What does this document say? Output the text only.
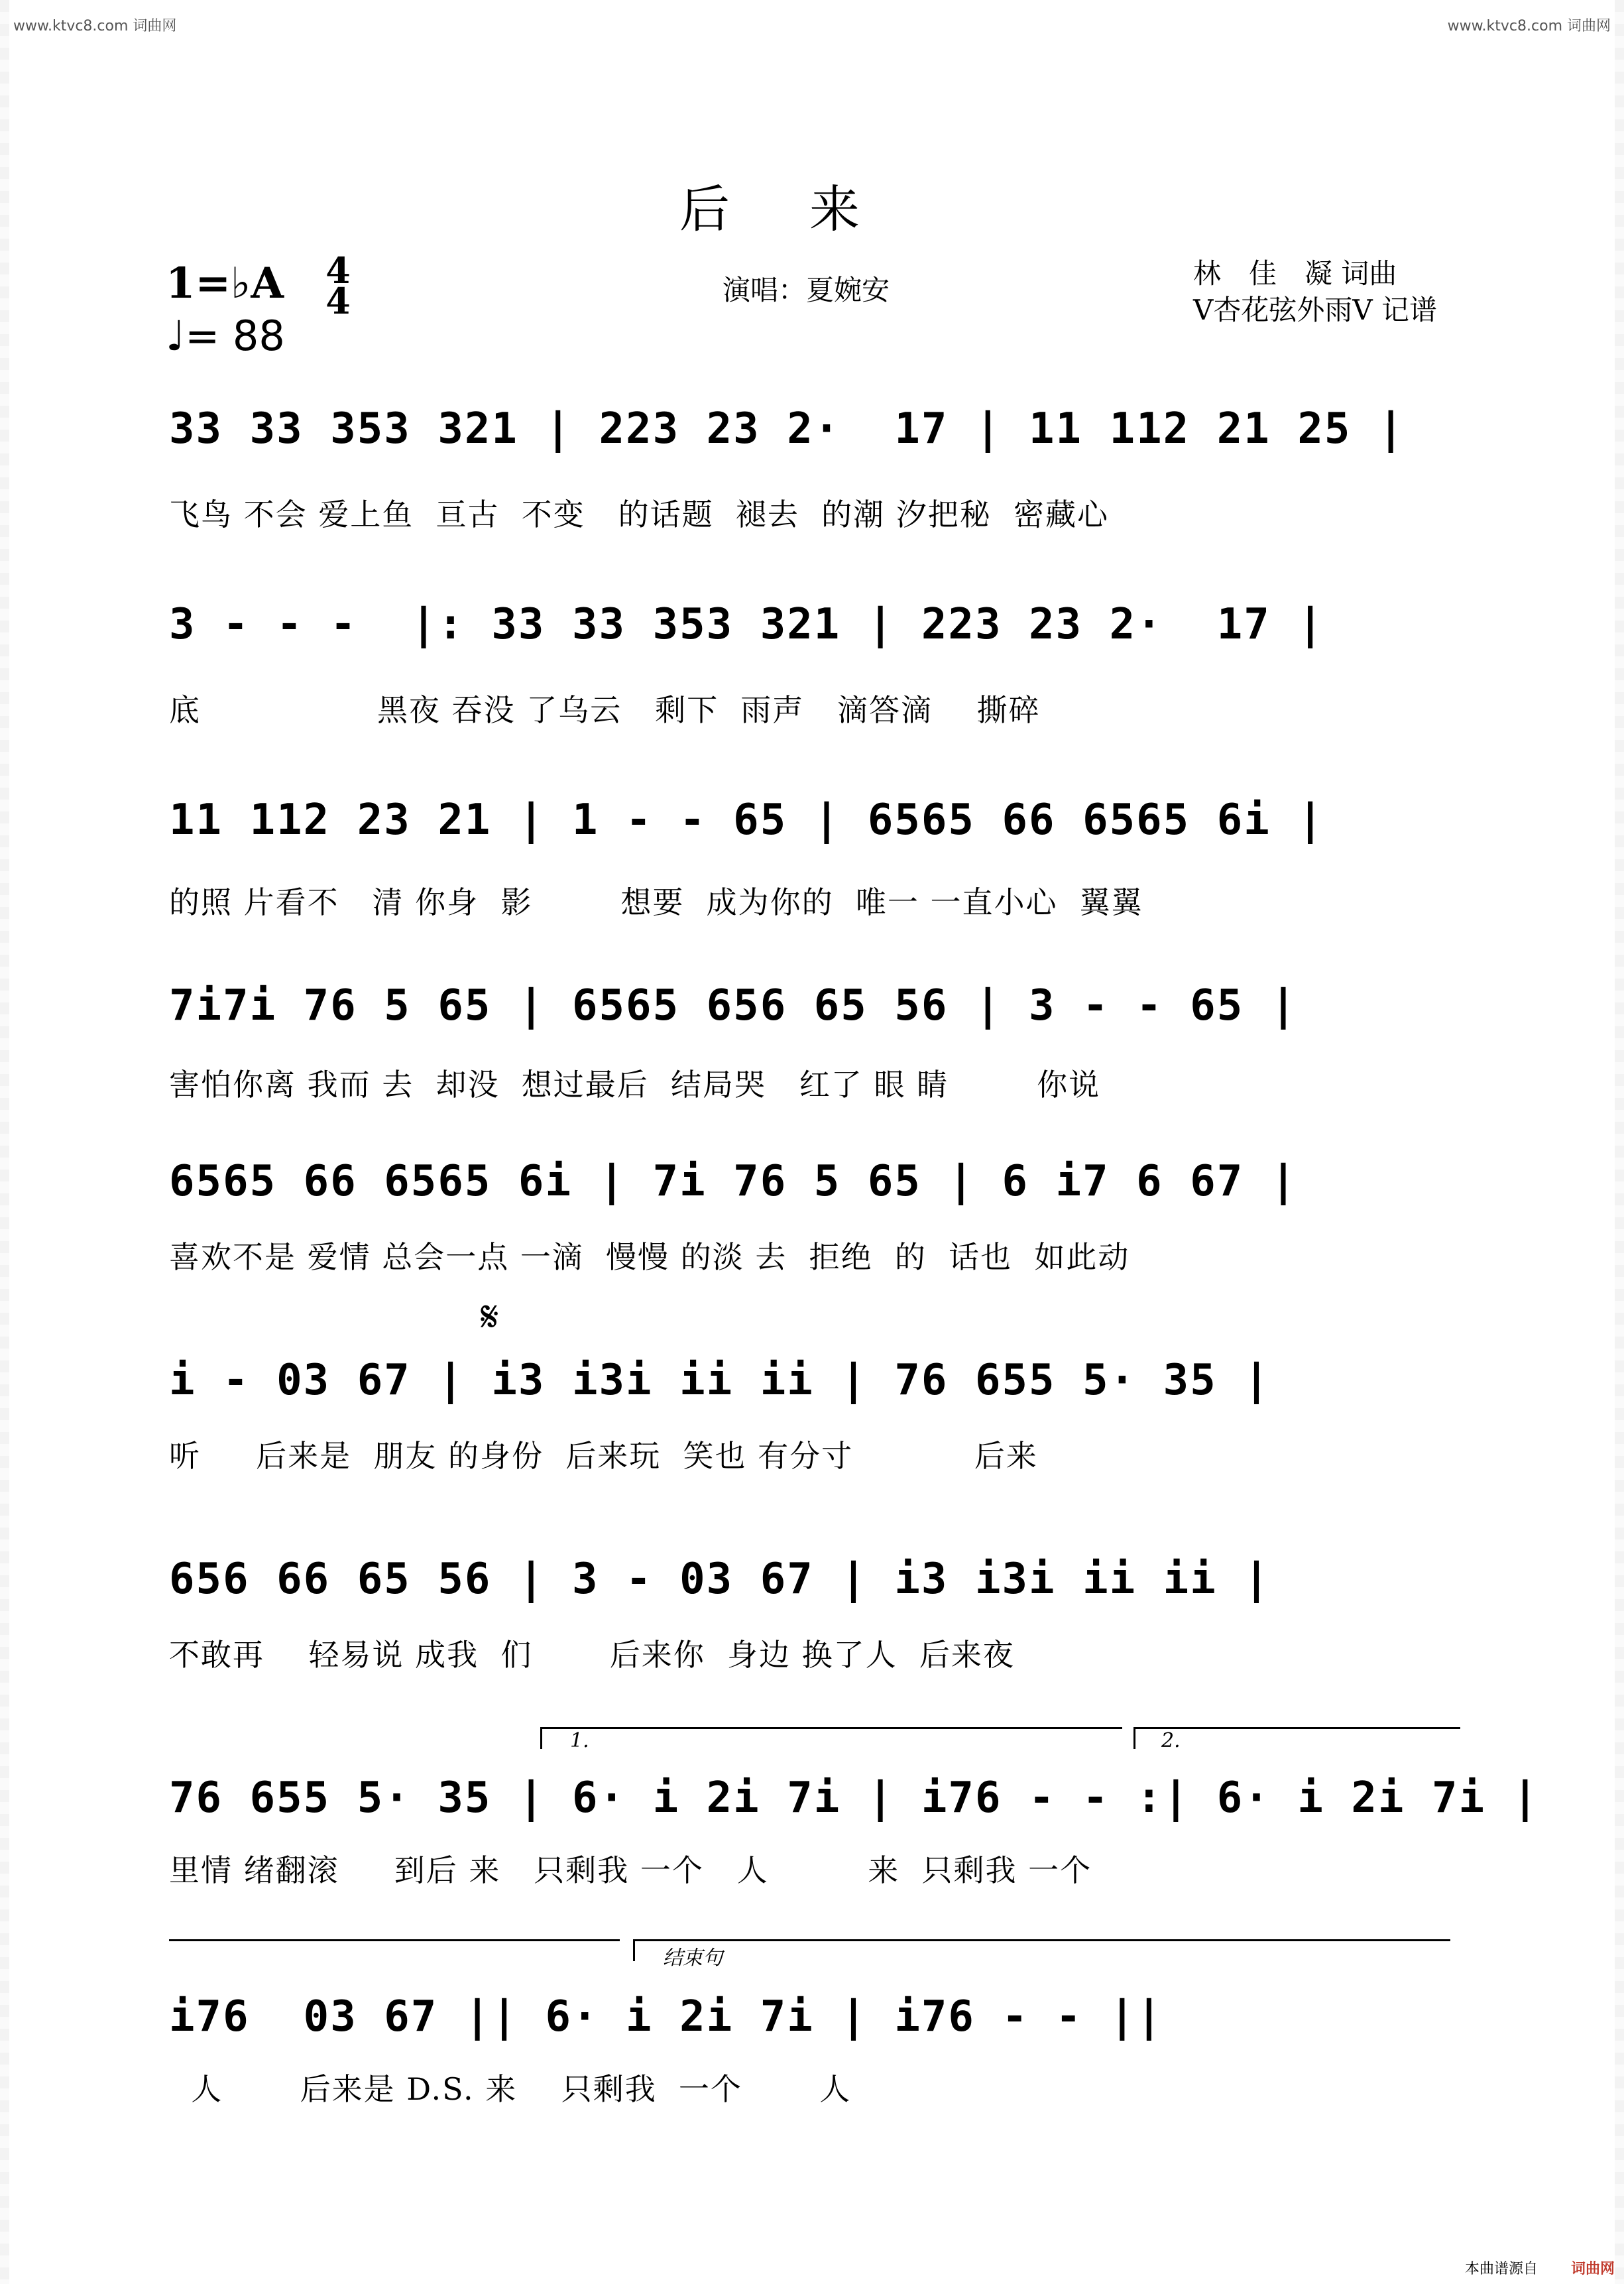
www.ktvc8.com 词曲网	www.ktvc8.com 词曲网
后来
1=♭A 4
4
♩= 88
演唱：夏婉安
林　佳　凝 词曲
V杏花弦外雨V 记谱
33 33 353 321 | 223 23 2·  17 | 11 112 21 25 |
飞鸟 不会 爱上鱼  亘古  不变   的话题  褪去  的潮 汐把秘  密藏心
3 - - -  |: 33 33 353 321 | 223 23 2·  17 |
底                黑夜 吞没 了乌云   剩下  雨声   滴答滴    撕碎
11 112 23 21 | 1 - - 65 | 6565 66 6565 6i |
的照 片看不   清 你身  影        想要  成为你的  唯一 一直小心  翼翼
7i7i 76 5 65 | 6565 656 65 56 | 3 - - 65 |
害怕你离 我而 去  却没  想过最后  结局哭   红了 眼 睛        你说
6565 66 6565 6i | 7i 76 5 65 | 6 i7 6 67 |
喜欢不是 爱情 总会一点 一滴  慢慢 的淡 去  拒绝  的  话也  如此动
𝄋
i - 03 67 | i3 i3i ii ii | 76 655 5· 35 |
听     后来是  朋友 的身份  后来玩  笑也 有分寸           后来
656 66 65 56 | 3 - 03 67 | i3 i3i ii ii |
不敢再    轻易说 成我  们       后来你  身边 换了人  后来夜
1.	2.
76 655 5· 35 | 6· i 2i 7i | i76 - - :| 6· i 2i 7i |
里情 绪翻滚     到后 来   只剩我 一个   人         来  只剩我 一个
结束句
i76  03 67 || 6· i 2i 7i | i76 - - ||
人       后来是 D.S. 来    只剩我  一个       人
本曲谱源自 词曲网
